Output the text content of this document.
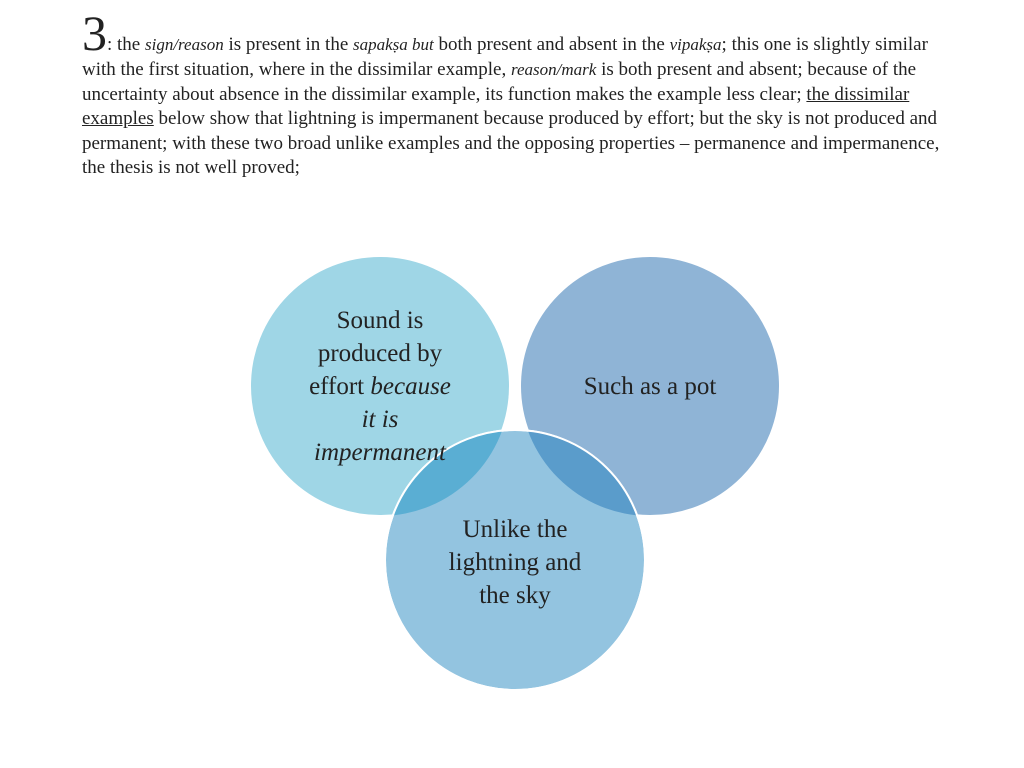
3: the sign/reason is present in the sapakṣa but both present and absent in the vipakṣa; this one is slightly similar with the first situation, where in the dissimilar example, reason/mark is both present and absent; because of the uncertainty about absence in the dissimilar example, its function makes the example less clear; the dissimilar examples below show that lightning is impermanent because produced by effort; but the sky is not produced and permanent; with these two broad unlike examples and the opposing properties – permanence and impermanence, the thesis is not well proved;
Sound is
produced by
effort because
it is
impermanent
Such as a pot
Unlike the
lightning and
the sky
